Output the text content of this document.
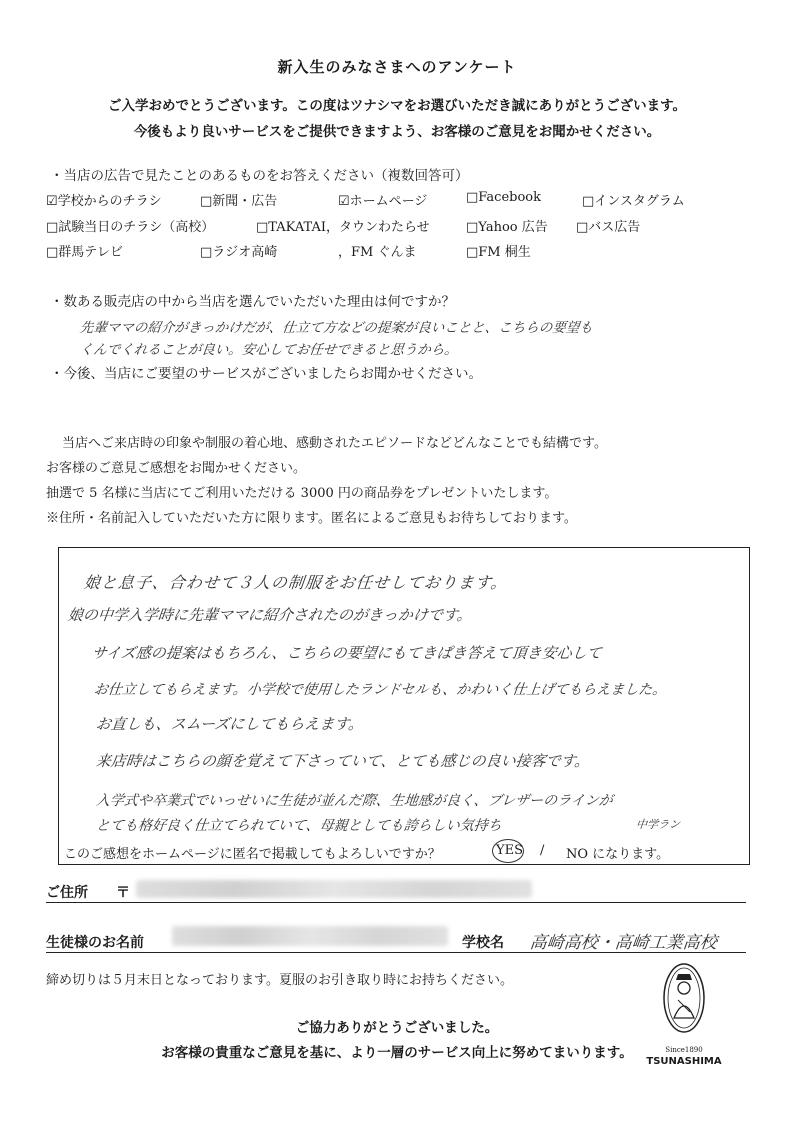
新入生のみなさまへのアンケート
ご入学おめでとうございます。この度はツナシマをお選びいただき誠にありがとうございます。
今後もより良いサービスをご提供できますよう、お客様のご意見をお聞かせください。
・当店の広告で見たことのあるものをお答えください（複数回答可）
☑学校からのチラシ	□新聞・広告	☑ホームページ	□Facebook	□インスタグラム
□試験当日のチラシ（高校）	□TAKATAI，タウンわたらせ	□Yahoo 広告 □バス広告
□群馬テレビ	□ラジオ高崎	，FM ぐんま	□FM 桐生
・数ある販売店の中から当店を選んでいただいた理由は何ですか？
先輩ママの紹介がきっかけだが、仕立て方などの提案が良いことと、こちらの要望も
くんでくれることが良い。安心してお任せできると思うから。
・今後、当店にご要望のサービスがございましたらお聞かせください。
当店へご来店時の印象や制服の着心地、感動されたエピソードなどどんなことでも結構です。
お客様のご意見ご感想をお聞かせください。
抽選で 5 名様に当店にてご利用いただける 3000 円の商品券をプレゼントいたします。
※住所・名前記入していただいた方に限ります。匿名によるご意見もお待ちしております。
娘と息子、合わせて３人の制服をお任せしております。
娘の中学入学時に先輩ママに紹介されたのがきっかけです。
サイズ感の提案はもちろん、こちらの要望にもてきぱき答えて頂き安心して
お仕立してもらえます。小学校で使用したランドセルも、かわいく仕上げてもらえました。
お直しも、スムーズにしてもらえます。
来店時はこちらの顔を覚えて下さっていて、とても感じの良い接客です。
入学式や卒業式でいっせいに生徒が並んだ際、生地感が良く、ブレザーのラインが
とても格好良く仕立てられていて、母親としても誇らしい気持ち	中学ラン
このご感想をホームページに匿名で掲載してもよろしいですか？	YES / NO になります。
ご住所 〒
生徒様のお名前	学校名 高崎高校・高崎工業高校
締め切りは５月末日となっております。夏服のお引き取り時にお持ちください。
ご協力ありがとうございました。
お客様の貴重なご意見を基に、より一層のサービス向上に努めてまいります。	Since1890
TSUNASHIMA
